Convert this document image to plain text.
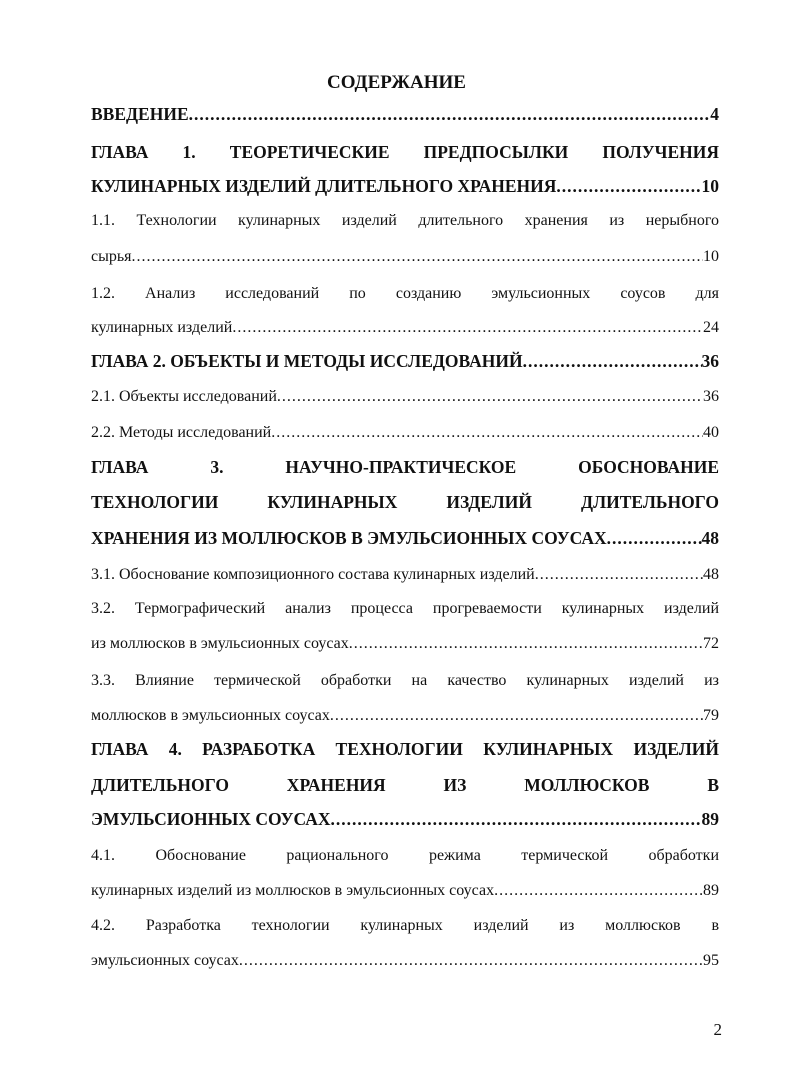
СОДЕРЖАНИЕ
ВВЕДЕНИЕ .....	4
ГЛАВА 1. ТЕОРЕТИЧЕСКИЕ ПРЕДПОСЫЛКИ ПОЛУЧЕНИЯ
КУЛИНАРНЫХ ИЗДЕЛИЙ ДЛИТЕЛЬНОГО ХРАНЕНИЯ .....	10
1.1. Технологии кулинарных изделий длительного хранения из нерыбного
сырья .....	10
1.2. Анализ исследований по созданию эмульсионных соусов для
кулинарных изделий .....	24
ГЛАВА 2. ОБЪЕКТЫ И МЕТОДЫ ИССЛЕДОВАНИЙ .....	36
2.1. Объекты исследований .....	36
2.2. Методы исследований .....	40
ГЛАВА 3. НАУЧНО-ПРАКТИЧЕСКОЕ ОБОСНОВАНИЕ
ТЕХНОЛОГИИ КУЛИНАРНЫХ ИЗДЕЛИЙ ДЛИТЕЛЬНОГО
ХРАНЕНИЯ ИЗ МОЛЛЮСКОВ В ЭМУЛЬСИОННЫХ СОУСАХ .....	48
3.1. Обоснование композиционного состава кулинарных изделий .....	48
3.2. Термографический анализ процесса прогреваемости кулинарных изделий
из моллюсков в эмульсионных соусах .....	72
3.3. Влияние термической обработки на качество кулинарных изделий из
моллюсков в эмульсионных соусах .....	79
ГЛАВА 4. РАЗРАБОТКА ТЕХНОЛОГИИ КУЛИНАРНЫХ ИЗДЕЛИЙ
ДЛИТЕЛЬНОГО ХРАНЕНИЯ ИЗ МОЛЛЮСКОВ В
ЭМУЛЬСИОННЫХ СОУСАХ .....	89
4.1. Обоснование рационального режима термической обработки
кулинарных изделий из моллюсков в эмульсионных соусах .....	89
4.2. Разработка технологии кулинарных изделий из моллюсков в
эмульсионных соусах .....	95
2
